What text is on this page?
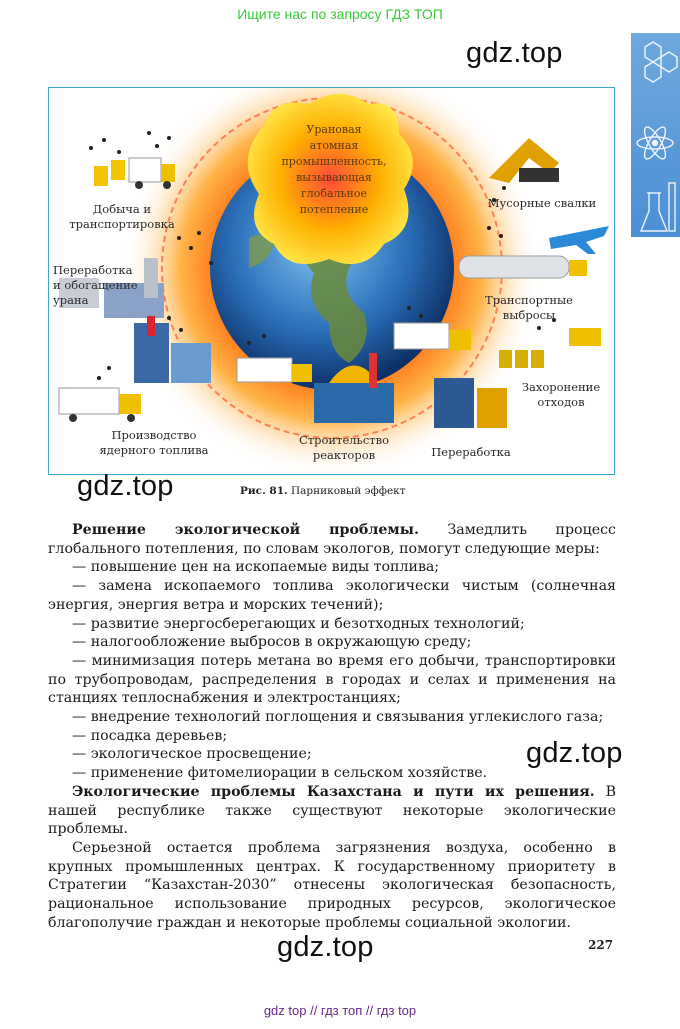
Ищите нас по запросу ГДЗ ТОП
gdz.top
Урановая
атомная
промышленность,
вызывающая
глобальное
потепление
Добыча и
транспортировка
Переработка
и обогащение
урана
Производство
ядерного топлива
Строительство
реакторов	Переработка
Захоронение
отходов
Транспортные
выбросы
Мусорные свалки
gdz.top	Рис. 81. Парниковый эффект

Решение экологической проблемы. Замедлить процесс глобального потепления, по словам экологов, помогут следующие меры:

— повышение цен на ископаемые виды топлива;

— замена ископаемого топлива экологически чистым (солнечная энергия, энергия ветра и морских течений);

— развитие энергосберегающих и безотходных технологий;

— налогообложение выбросов в окружающую среду;

— минимизация потерь метана во время его добычи, транспортировки по трубопроводам, распределения в городах и селах и применения на станциях теплоснабжения и электростанциях;

— внедрение технологий поглощения и связывания углекислого газа;

— посадка деревьев;

— экологическое просвещение;

— применение фитомелиорации в сельском хозяйстве.

Экологические проблемы Казахстана и пути их решения. В нашей республике также существуют некоторые экологические проблемы.

Серьезной остается проблема загрязнения воздуха, особенно в крупных промышленных центрах. К государственному приоритету в Стратегии “Казахстан-2030” отнесены экологическая безопасность, рациональное использование природных ресурсов, экологическое благополучие граждан и некоторые проблемы социальной экологии.

gdz.top
gdz.top	227
gdz top // гдз топ // гдз top
